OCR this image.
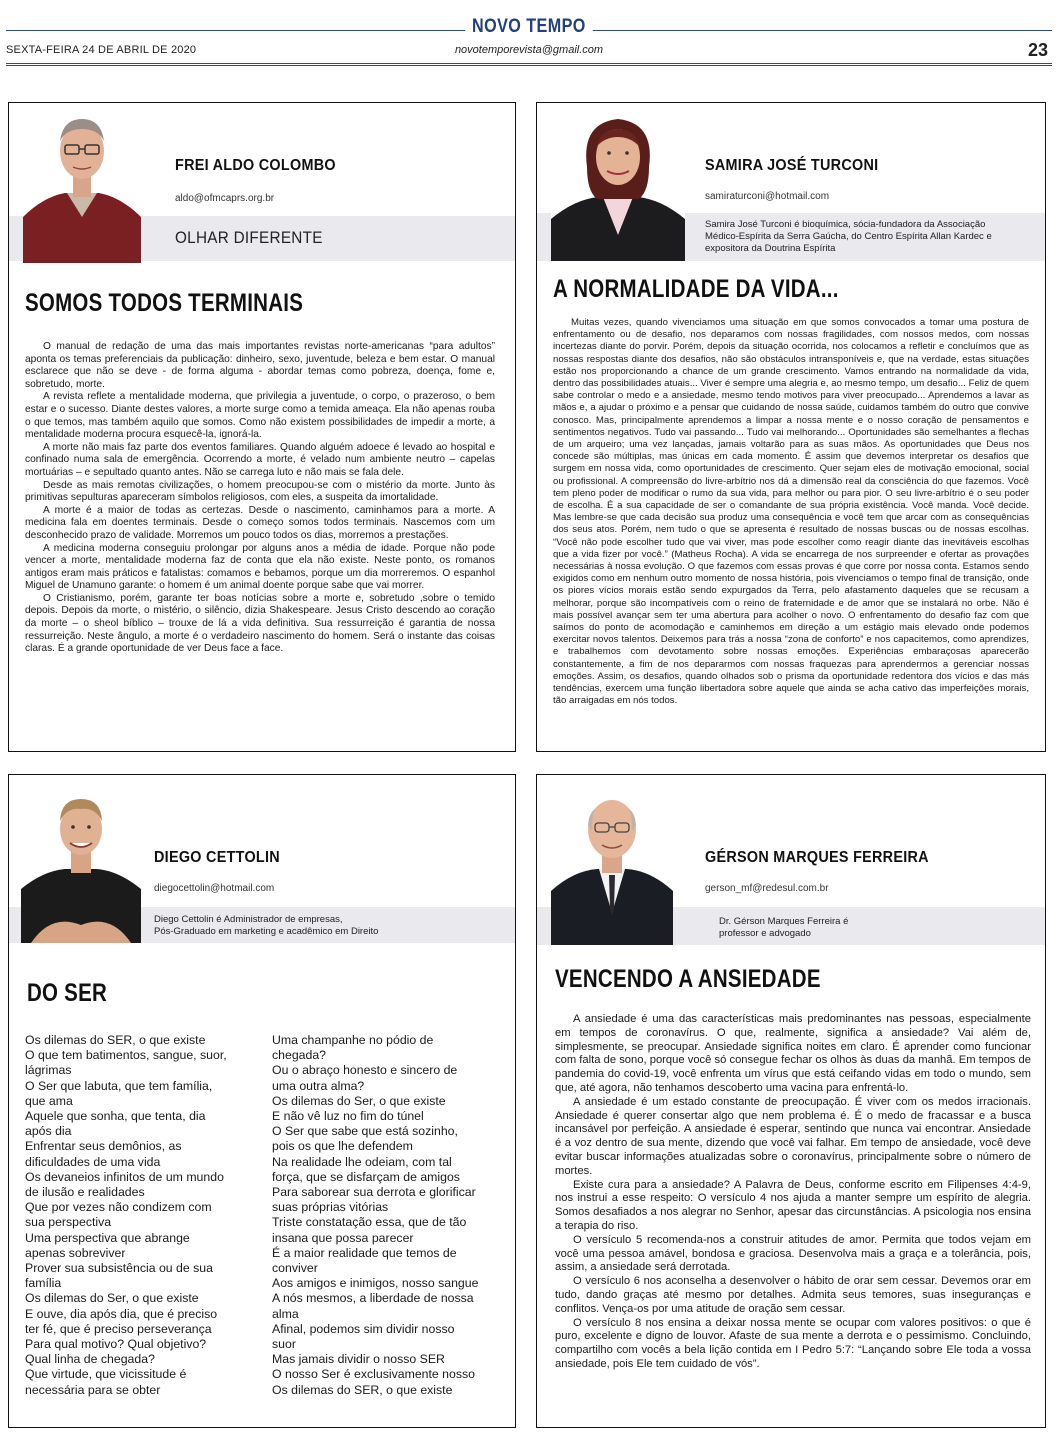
NOVO TEMPO
SEXTA-FEIRA 24 DE ABRIL DE 2020	novotemporevista@gmail.com	23
FREI ALDO COLOMBO
aldo@ofmcaprs.org.br
OLHAR DIFERENTE
SOMOS TODOS TERMINAIS

O manual de redação de uma das mais importantes revistas norte-americanas “para adultos” aponta os temas preferenciais da publicação: dinheiro, sexo, juventude, beleza e bem estar. O manual esclarece que não se deve - de forma alguma - abordar temas como pobreza, doença, fome e, sobretudo, morte.

A revista reflete a mentalidade moderna, que privilegia a juventude, o corpo, o prazeroso, o bem estar e o sucesso. Diante destes valores, a morte surge como a temida ameaça. Ela não apenas rouba o que temos, mas também aquilo que somos. Como não existem possibilidades de impedir a morte, a mentalidade moderna procura esquecê-la, ignorá-la.

A morte não mais faz parte dos eventos familiares. Quando alguém adoece é levado ao hospital e confinado numa sala de emergência. Ocorrendo a morte, é velado num ambiente neutro – capelas mortuárias – e sepultado quanto antes. Não se carrega luto e não mais se fala dele.

Desde as mais remotas civilizações, o homem preocupou-se com o mistério da morte. Junto às primitivas sepulturas apareceram símbolos religiosos, com eles, a suspeita da imortalidade.

A morte é a maior de todas as certezas. Desde o nascimento, caminhamos para a morte. A medicina fala em doentes terminais. Desde o começo somos todos terminais. Nascemos com um desconhecido prazo de validade. Morremos um pouco todos os dias, morremos a prestações.

A medicina moderna conseguiu prolongar por alguns anos a média de idade. Porque não pode vencer a morte, mentalidade moderna faz de conta que ela não existe. Neste ponto, os romanos antigos eram mais práticos e fatalistas: comamos e bebamos, porque um dia morreremos. O espanhol Miguel de Unamuno garante: o homem é um animal doente porque sabe que vai morrer.

O Cristianismo, porém, garante ter boas notícias sobre a morte e, sobretudo ,sobre o temido depois. Depois da morte, o mistério, o silêncio, dizia Shakespeare. Jesus Cristo descendo ao coração da morte – o sheol bíblico – trouxe de lá a vida definitiva. Sua ressurreição é garantia de nossa ressurreição. Neste ângulo, a morte é o verdadeiro nascimento do homem. Será o instante das coisas claras. É a grande oportunidade de ver Deus face a face.

SAMIRA JOSÉ TURCONI
samiraturconi@hotmail.com
Samira José Turconi é bioquímica, sócia-fundadora da Associação Médico-Espírita da Serra Gaúcha, do Centro Espírita Allan Kardec e expositora da Doutrina Espírita
A NORMALIDADE DA VIDA...

Muitas vezes, quando vivenciamos uma situação em que somos convocados a tomar uma postura de enfrentamento ou de desafio, nos deparamos com nossas fragilidades, com nossos medos, com nossas incertezas diante do porvir. Porém, depois da situação ocorrida, nos colocamos a refletir e concluímos que as nossas respostas diante dos desafios, não são obstáculos intransponíveis e, que na verdade, estas situações estão nos proporcionando a chance de um grande crescimento. Vamos entrando na normalidade da vida, dentro das possibilidades atuais... Viver é sempre uma alegria e, ao mesmo tempo, um desafio... Feliz de quem sabe controlar o medo e a ansiedade, mesmo tendo motivos para viver preocupado... Aprendemos a lavar as mãos e, a ajudar o próximo e a pensar que cuidando de nossa saúde, cuidamos também do outro que convive conosco. Mas, principalmente aprendemos a limpar a nossa mente e o nosso coração de pensamentos e sentimentos negativos. Tudo vai passando... Tudo vai melhorando... Oportunidades são semelhantes a flechas de um arqueiro; uma vez lançadas, jamais voltarão para as suas mãos. As oportunidades que Deus nos concede são múltiplas, mas únicas em cada momento. É assim que devemos interpretar os desafios que surgem em nossa vida, como oportunidades de crescimento. Quer sejam eles de motivação emocional, social ou profissional. A compreensão do livre-arbítrio nos dá a dimensão real da consciência do que fazemos. Você tem pleno poder de modificar o rumo da sua vida, para melhor ou para pior. O seu livre-arbítrio é o seu poder de escolha. É a sua capacidade de ser o comandante de sua própria existência. Você manda. Você decide. Mas lembre-se que cada decisão sua produz uma consequência e você tem que arcar com as consequências dos seus atos. Porém, nem tudo o que se apresenta é resultado de nossas buscas ou de nossas escolhas. “Você não pode escolher tudo que vai viver, mas pode escolher como reagir diante das inevitáveis escolhas que a vida fizer por você.” (Matheus Rocha). A vida se encarrega de nos surpreender e ofertar as provações necessárias à nossa evolução. O que fazemos com essas provas é que corre por nossa conta. Estamos sendo exigidos como em nenhum outro momento de nossa história, pois vivenciamos o tempo final de transição, onde os piores vícios morais estão sendo expurgados da Terra, pelo afastamento daqueles que se recusam a melhorar, porque são incompatíveis com o reino de fraternidade e de amor que se instalará no orbe. Não é mais possível avançar sem ter uma abertura para acolher o novo. O enfrentamento do desafio faz com que saímos do ponto de acomodação e caminhemos em direção a um estágio mais elevado onde podemos exercitar novos talentos. Deixemos para trás a nossa “zona de conforto” e nos capacitemos, como aprendizes, e trabalhemos com devotamento sobre nossas emoções. Experiências embaraçosas aparecerão constantemente, a fim de nos depararmos com nossas fraquezas para aprendermos a gerenciar nossas emoções. Assim, os desafios, quando olhados sob o prisma da oportunidade redentora dos vícios e das más tendências, exercem uma função libertadora sobre aquele que ainda se acha cativo das imperfeições morais, tão arraigadas em nós todos.

DIEGO CETTOLIN
diegocettolin@hotmail.com
Diego Cettolin é Administrador de empresas,
Pós-Graduado em marketing e acadêmico em Direito
DO SER
Os dilemas do SER, o que existe
O que tem batimentos, sangue, suor,
lágrimas
O Ser que labuta, que tem família,
que ama
Aquele que sonha, que tenta, dia
após dia
Enfrentar seus demônios, as
dificuldades de uma vida
Os devaneios infinitos de um mundo
de ilusão e realidades
Que por vezes não condizem com
sua perspectiva
Uma perspectiva que abrange
apenas sobreviver
Prover sua subsistência ou de sua
família
Os dilemas do Ser, o que existe
E ouve, dia após dia, que é preciso
ter fé, que é preciso perseverança
Para qual motivo? Qual objetivo?
Qual linha de chegada?
Que virtude, que vicissitude é
necessária para se obter
Uma champanhe no pódio de
chegada?
Ou o abraço honesto e sincero de
uma outra alma?
Os dilemas do Ser, o que existe
E não vê luz no fim do túnel
O Ser que sabe que está sozinho,
pois os que lhe defendem
Na realidade lhe odeiam, com tal
força, que se disfarçam de amigos
Para saborear sua derrota e glorificar
suas próprias vitórias
Triste constatação essa, que de tão
insana que possa parecer
É a maior realidade que temos de
conviver
Aos amigos e inimigos, nosso sangue
A nós mesmos, a liberdade de nossa
alma
Afinal, podemos sim dividir nosso
suor
Mas jamais dividir o nosso SER
O nosso Ser é exclusivamente nosso
Os dilemas do SER, o que existe
GÉRSON MARQUES FERREIRA
gerson_mf@redesul.com.br
Dr. Gérson Marques Ferreira é
professor e advogado
VENCENDO A ANSIEDADE

A ansiedade é uma das características mais predominantes nas pessoas, especialmente em tempos de coronavírus. O que, realmente, significa a ansiedade? Vai além de, simplesmente, se preocupar. Ansiedade significa noites em claro. É aprender como funcionar com falta de sono, porque você só consegue fechar os olhos às duas da manhã. Em tempos de pandemia do covid-19, você enfrenta um vírus que está ceifando vidas em todo o mundo, sem que, até agora, não tenhamos descoberto uma vacina para enfrentá-lo.

A ansiedade é um estado constante de preocupação. É viver com os medos irracionais. Ansiedade é querer consertar algo que nem problema é. É o medo de fracassar e a busca incansável por perfeição. A ansiedade é esperar, sentindo que nunca vai encontrar. Ansiedade é a voz dentro de sua mente, dizendo que você vai falhar. Em tempo de ansiedade, você deve evitar buscar informações atualizadas sobre o coronavírus, principalmente sobre o número de mortes.

Existe cura para a ansiedade? A Palavra de Deus, conforme escrito em Filipenses 4:4-9, nos instrui a esse respeito: O versículo 4 nos ajuda a manter sempre um espírito de alegria. Somos desafiados a nos alegrar no Senhor, apesar das circunstâncias. A psicologia nos ensina a terapia do riso.

O versículo 5 recomenda-nos a construir atitudes de amor. Permita que todos vejam em você uma pessoa amável, bondosa e graciosa. Desenvolva mais a graça e a tolerância, pois, assim, a ansiedade será derrotada.

O versículo 6 nos aconselha a desenvolver o hábito de orar sem cessar. Devemos orar em tudo, dando graças até mesmo por detalhes. Admita seus temores, suas inseguranças e conflitos. Vença-os por uma atitude de oração sem cessar.

O versículo 8 nos ensina a deixar nossa mente se ocupar com valores positivos: o que é puro, excelente e digno de louvor. Afaste de sua mente a derrota e o pessimismo. Concluindo, compartilho com vocês a bela lição contida em I Pedro 5:7: “Lançando sobre Ele toda a vossa ansiedade, pois Ele tem cuidado de vós”.
